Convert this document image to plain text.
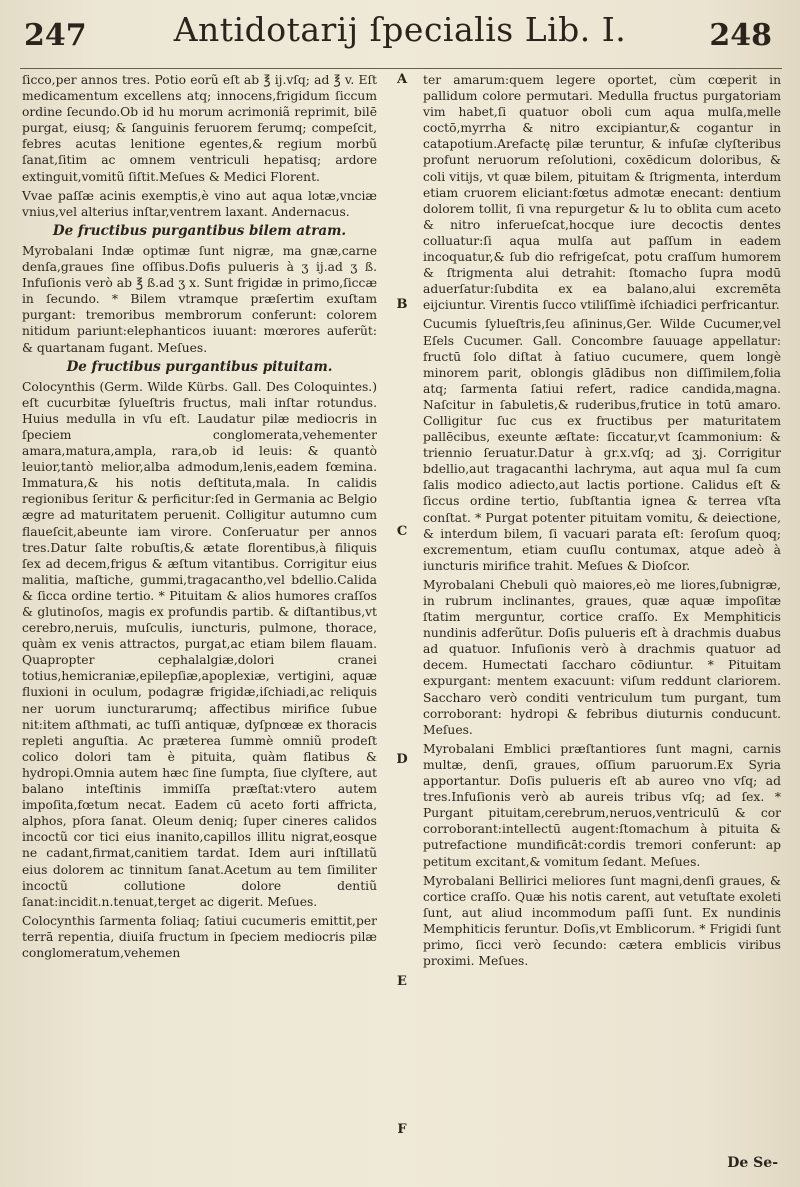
247	Antidotarij ſpecialis Lib. I.	248

ſicco,per annos tres. Potio eorũ eſt ab ℥ ij.vſq; ad ℥ v. Eſt medicamentum excellens atq; innocens,frigidum ſiccum ordine ſecundo.Ob id hu morum acrimoniã reprimit, bilē purgat, eiusq; & ſanguinis feruorem ferumq; compeſcit, febres acutas lenitione egentes,& regium morbũ ſanat,ſitim ac omnem ventriculi hepatisq; ardore extinguit,vomitũ ſiſtit.Meſues & Medici Florent.

Vvae paſſæ acinis exemptis,è vino aut aqua lotæ,vnciæ vnius,vel alterius inſtar,ventrem laxant. Andernacus.

De fructibus purgantibus bilem atram.

Myrobalani Indæ optimæ ſunt nigræ, ma gnæ,carne denſa,graues ſine oſſibus.Dofis pulueris à ʒ ij.ad ʒ ß. Infuſionis verò ab ℥ ß.ad ʒ x. Sunt frigidæ in primo,ſiccæ in ſecundo. * Bilem vtramque præſertim exuſtam purgant: tremoribus membrorum conferunt: colorem nitidum pariunt:elephanticos iuuant: mœrores auferũt: & quartanam fugant. Meſues.

De fructibus purgantibus pituitam.

Colocynthis (Germ. Wilde Kürbs. Gall. Des Coloquintes.) eſt cucurbitæ ſylueſtris fructus, mali inſtar rotundus. Huius medulla in vſu eſt. Laudatur pilæ mediocris in ſpeciem conglomerata,vehementer amara,matura,ampla, rara,ob id leuis: & quantò leuior,tantò melior,alba admodum,lenis,eadem fœmina. Immatura,& his notis deſtituta,mala. In calidis regionibus ſeritur & perficitur:ſed in Germania ac Belgio ægre ad maturitatem peruenit. Colligitur autumno cum flaueſcit,abeunte iam virore. Conſeruatur per annos tres.Datur ſalte robuſtis,& ætate florentibus,à filiquis ſex ad decem,frigus & æſtum vitantibus. Corrigitur eius malitia, maſtiche, gummi,tragacantho,vel bdellio.Calida & ſicca ordine tertio. * Pituitam & alios humores craſſos & glutinoſos, magis ex profundis partib. & diſtantibus,vt cerebro,neruis, muſculis, iuncturis, pulmone, thorace, quàm ex venis attractos, purgat,ac etiam bilem flauam. Quapropter cephalalgiæ,dolori cranei totius,hemicraniæ,epilepſiæ,apoplexiæ, vertigini, aquæ fluxioni in oculum, podagræ frigidæ,iſchiadi,ac reliquis ner uorum iuncturarumq; affectibus mirifice ſubue nit:item aſthmati, ac tuſſi antiquæ, dyſpnœæ ex thoracis repleti anguſtia. Ac præterea ſummè omniũ prodeſt colico dolori tam è pituita, quàm flatibus & hydropi.Omnia autem hæc ſine ſumpta, ſiue clyſtere, aut balano inteſtinis immiſſa præſtat:vtero autem impoſita,fœtum necat. Eadem cū aceto forti affricta, alphos, pſora ſanat. Oleum deniq; ſuper cineres calidos incoctũ cor tici eius inanito,capillos illitu nigrat,eosque ne cadant,firmat,canitiem tardat. Idem auri inſtillatũ eius dolorem ac tinnitum ſanat.Acetum au tem ſimiliter incoctũ collutione dolore dentiũ ſanat:incidit.n.tenuat,terget ac digerit. Meſues.

Colocynthis ſarmenta foliaq; ſatiui cucumeris emittit,per terrā repentia, diuiſa fructum in ſpeciem mediocris pilæ conglomeratum,vehemen

A
B
C
D
E
F

ter amarum:quem legere oportet, cùm cœperit in pallidum colore permutari. Medulla fructus purgatoriam vim habet,ſi quatuor oboli cum aqua mulſa,melle coctō,myrrha & nitro excipiantur,& cogantur in catapotium.Arefactę pilæ teruntur, & infuſæ clyſteribus profunt neruorum reſolutioni, coxēdicum doloribus, & coli vitijs, vt quæ bilem, pituitam & ſtrigmenta, interdum etiam cruorem eliciant:fœtus admotæ enecant: dentium dolorem tollit, ſi vna repurgetur & lu to oblita cum aceto & nitro inferueſcat,hocque iure decoctis dentes colluatur:ſi aqua mulſa aut paſſum in eadem incoquatur,& ſub dio refrigeſcat, potu craſſum humorem & ſtrigmenta alui detrahit: ſtomacho ſupra modū aduerſatur:ſubdita ex ea balano,alui excremēta eijciuntur. Virentis ſucco vtiliſſimè iſchiadici perfricantur.

Cucumis ſylueſtris,ſeu aſininus,Ger. Wilde Cucumer,vel Eſels Cucumer. Gall. Concombre ſauuage appellatur: fructū ſolo diſtat à ſatiuo cucumere, quem longè minorem parit, oblongis glādibus non diſſimilem,folia atq; ſarmenta ſatiui refert, radice candida,magna. Naſcitur in ſabuletis,& ruderibus,frutice in totū amaro. Colligitur ſuc cus ex fructibus per maturitatem pallēcibus, exeunte æſtate: ſiccatur,vt ſcammonium: & triennio ſeruatur.Datur à gr.x.vſq; ad ʒj. Corrigitur bdellio,aut tragacanthi lachryma, aut aqua mul ſa cum ſalis modico adiecto,aut lactis portione. Calidus eſt & ſiccus ordine tertio, ſubſtantia ignea & terrea vſta conſtat. * Purgat potenter pituitam vomitu, & deiectione, & interdum bilem, ſi vacuari parata eſt: ſeroſum quoq; excrementum, etiam cuuſlu contumax, atque adeò à iuncturis mirifice trahit. Meſues & Dioſcor.

Myrobalani Chebuli quò maiores,eò me liores,ſubnigræ, in rubrum inclinantes, graues, quæ aquæ impoſitæ ſtatim merguntur, cortice craſſo. Ex Memphiticis nundinis adferũtur. Doſis pulueris eſt à drachmis duabus ad quatuor. Infuſionis verò à drachmis quatuor ad decem. Humectati ſaccharo cōdiuntur. * Pituitam expurgant: mentem exacuunt: viſum reddunt clariorem. Saccharo verò conditi ventriculum tum purgant, tum corroborant: hydropi & febribus diuturnis conducunt. Meſues.

Myrobalani Emblici præſtantiores ſunt magni, carnis multæ, denſi, graues, oſſium paruorum.Ex Syria apportantur. Doſis pulueris eſt ab aureo vno vſq; ad tres.Infuſionis verò ab aureis tribus vſq; ad ſex. * Purgant pituitam,cerebrum,neruos,ventriculū & cor corroborant:intellectū augent:ſtomachum à pituita & putrefactione mundificāt:cordis tremori conferunt: ap petitum excitant,& vomitum ſedant. Meſues.

Myrobalani Bellirici meliores ſunt magni,denſi graues, & cortice craſſo. Quæ his notis carent, aut vetuſtate exoleti ſunt, aut aliud incommodum paſſi ſunt. Ex nundinis Memphiticis feruntur. Doſis,vt Emblicorum. * Frigidi ſunt primo, ſicci verò ſecundo: cætera emblicis viribus proximi. Meſues.

De Se-
